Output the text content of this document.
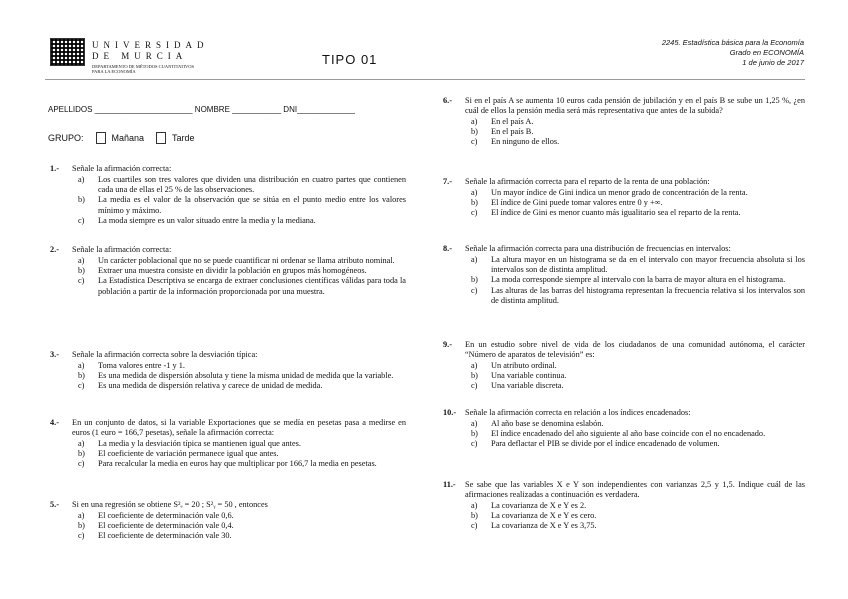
UNIVERSIDAD
DE MURCIA
DEPARTAMENTO DE MÉTODOS CUANTITATIVOS PARA LA ECONOMÍA
TIPO 01
2245. Estadística básica para la Economía
Grado en ECONOMÍA
1 de junio de 2017
APELLIDOS ______________________ NOMBRE ___________ DNI_____________
GRUPO:	Mañana	Tarde
1.- Señale la afirmación correcta:
a) Los cuartiles son tres valores que dividen una distribución en cuatro partes que contienen cada una de ellas el 25 % de las observaciones.
b) La media es el valor de la observación que se sitúa en el punto medio entre los valores mínimo y máximo.
c) La moda siempre es un valor situado entre la media y la mediana.
2.- Señale la afirmación correcta:
a) Un carácter poblacional que no se puede cuantificar ni ordenar se llama atributo nominal.
b) Extraer una muestra consiste en dividir la población en grupos más homogéneos.
c) La Estadística Descriptiva se encarga de extraer conclusiones científicas válidas para toda la población a partir de la información proporcionada por una muestra.
3.- Señale la afirmación correcta sobre la desviación típica:
a) Toma valores entre -1 y 1.
b) Es una medida de dispersión absoluta y tiene la misma unidad de medida que la variable.
c) Es una medida de dispersión relativa y carece de unidad de medida.
4.- En un conjunto de datos, si la variable Exportaciones que se medía en pesetas pasa a medirse en euros (1 euro = 166,7 pesetas), señale la afirmación correcta:
a) La media y la desviación típica se mantienen igual que antes.
b) El coeficiente de variación permanece igual que antes.
c) Para recalcular la media en euros hay que multiplicar por 166,7 la media en pesetas.
5.- Si en una regresión se obtiene S²ₑ = 20 ; S²ᵧ = 50 , entonces
a) El coeficiente de determinación vale 0,6.
b) El coeficiente de determinación vale 0,4.
c) El coeficiente de determinación vale 30.
6.- Si en el país A se aumenta 10 euros cada pensión de jubilación y en el país B se sube un 1,25 %, ¿en cuál de ellos la pensión media será más representativa que antes de la subida?
a) En el país A.
b) En el país B.
c) En ninguno de ellos.
7.- Señale la afirmación correcta para el reparto de la renta de una población:
a) Un mayor índice de Gini indica un menor grado de concentración de la renta.
b) El índice de Gini puede tomar valores entre 0 y +∞.
c) El índice de Gini es menor cuanto más igualitario sea el reparto de la renta.
8.- Señale la afirmación correcta para una distribución de frecuencias en intervalos:
a) La altura mayor en un histograma se da en el intervalo con mayor frecuencia absoluta si los intervalos son de distinta amplitud.
b) La moda corresponde siempre al intervalo con la barra de mayor altura en el histograma.
c) Las alturas de las barras del histograma representan la frecuencia relativa si los intervalos son de distinta amplitud.
9.- En un estudio sobre nivel de vida de los ciudadanos de una comunidad autónoma, el carácter “Número de aparatos de televisión” es:
a) Un atributo ordinal.
b) Una variable continua.
c) Una variable discreta.
10.- Señale la afirmación correcta en relación a los índices encadenados:
a) Al año base se denomina eslabón.
b) El índice encadenado del año siguiente al año base coincide con el no encadenado.
c) Para deflactar el PIB se divide por el índice encadenado de volumen.
11.- Se sabe que las variables X e Y son independientes con varianzas 2,5 y 1,5. Indique cuál de las afirmaciones realizadas a continuación es verdadera.
a) La covarianza de X e Y es 2.
b) La covarianza de X e Y es cero.
c) La covarianza de X e Y es 3,75.
